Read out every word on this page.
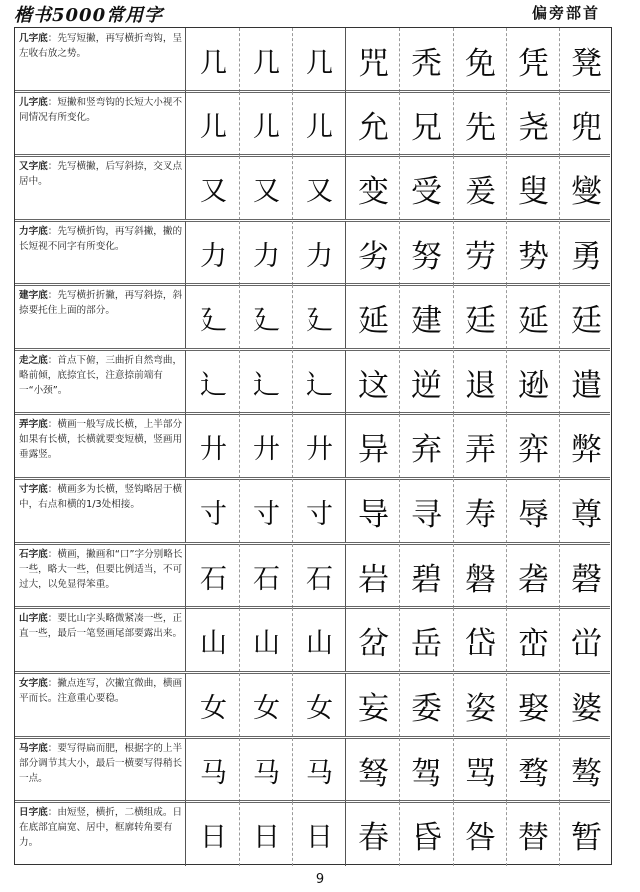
楷书5000常用字	偏旁部首
几字底：先写短撇，再写横折弯钩，呈左收右放之势。	几 几 几 咒 秃 免 凭 凳
儿字底：短撇和竖弯钩的长短大小视不同情况有所变化。	儿 儿 儿 允 兄 先 尧 兜
又字底：先写横撇，后写斜捺，交叉点居中。	又 又 又 变 受 爰 叟 燮
力字底：先写横折钩，再写斜撇，撇的长短视不同字有所变化。	力 力 力 劣 努 劳 势 勇
建字底：先写横折折撇，再写斜捺，斜捺要托住上面的部分。	廴 廴 廴 延 建 廷 延 廷
走之底：首点下俯，三曲折自然弯曲，略前倾，底捺宜长，注意捺前端有一“小颈”。	辶 辶 辶 这 逆 退 逊 遣
弄字底：横画一般写成长横，上半部分如果有长横，长横就要变短横，竖画用垂露竖。	廾 廾 廾 异 弃 弄 弈 弊
寸字底：横画多为长横，竖钩略居于横中，右点和横的1/3处相接。	寸 寸 寸 导 寻 寿 辱 尊
石字底：横画，撇画和“口”字分别略长一些，略大一些，但要比例适当，不可过大，以免显得笨重。	石 石 石 岩 碧 磐 砻 磬
山字底：要比山字头略微紧凑一些，正直一些，最后一笔竖画尾部要露出来。 山 山 山 岔 岳 岱 峦 峃
女字底：撇点连写，次撇宜微曲，横画平而长。注意重心要稳。	女 女 女 妄 委 姿 娶 婆
马字底：要写得扁而肥，根据字的上半部分调节其大小，最后一横要写得稍长一点。	马 马 马 驽 驾 骂 骛 骜
日字底：由短竖，横折，二横组成。日在底部宜扁宽、居中，框廓转角要有力。	日 日 日 春 昏 咎 替 暂
9
